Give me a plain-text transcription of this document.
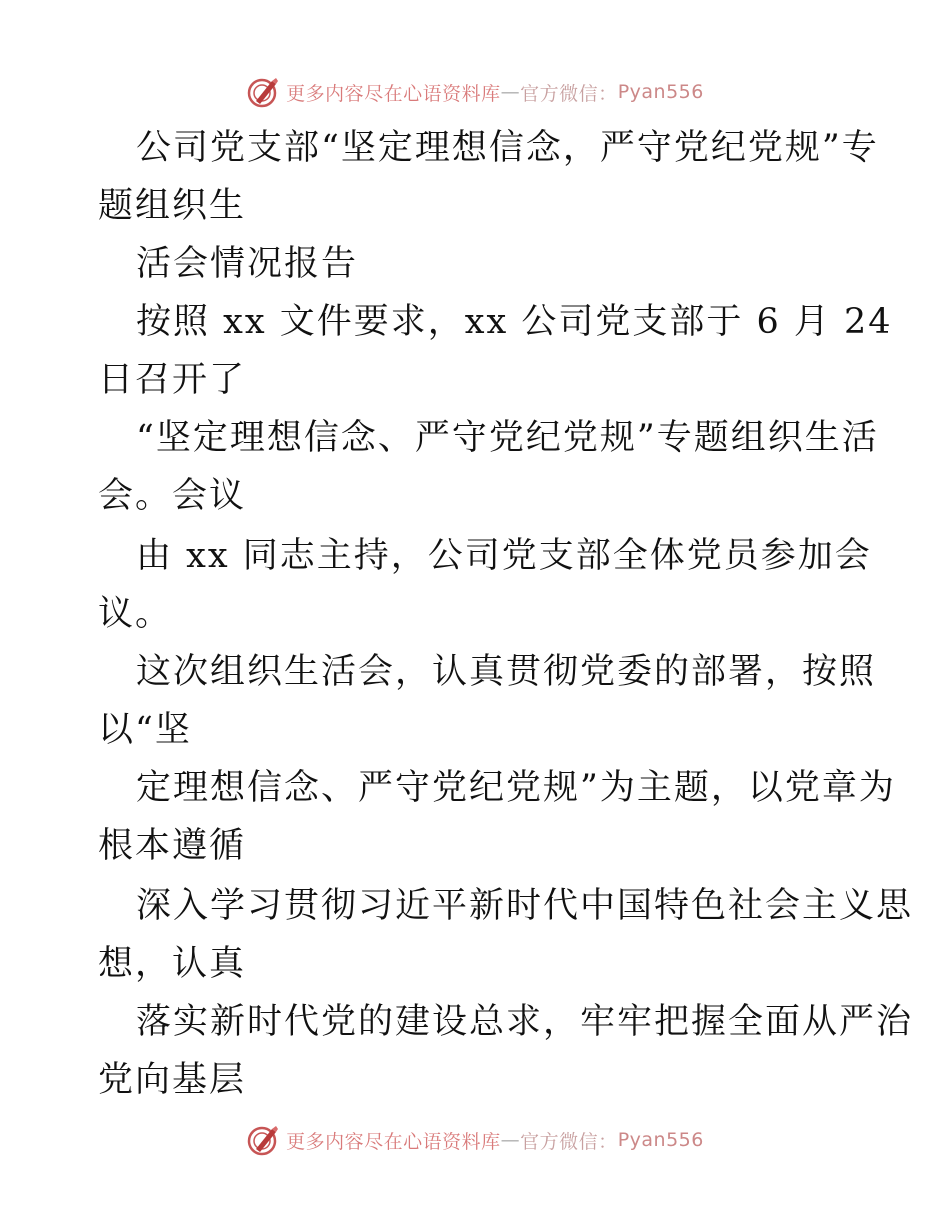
更多内容尽在心语资料库 — 官方微信： Pyan556
公司党支部“坚定理想信念，严守党纪党规”专
题组织生
活会情况报告
按照 xx 文件要求，xx 公司党支部于 6 月 24
日召开了
“坚定理想信念、严守党纪党规”专题组织生活
会。会议
由 xx 同志主持，公司党支部全体党员参加会
议。
这次组织生活会，认真贯彻党委的部署，按照
以“坚
定理想信念、严守党纪党规”为主题，以党章为
根本遵循
深入学习贯彻习近平新时代中国特色社会主义思
想，认真
落实新时代党的建设总求，牢牢把握全面从严治
党向基层
更多内容尽在心语资料库 — 官方微信： Pyan556
